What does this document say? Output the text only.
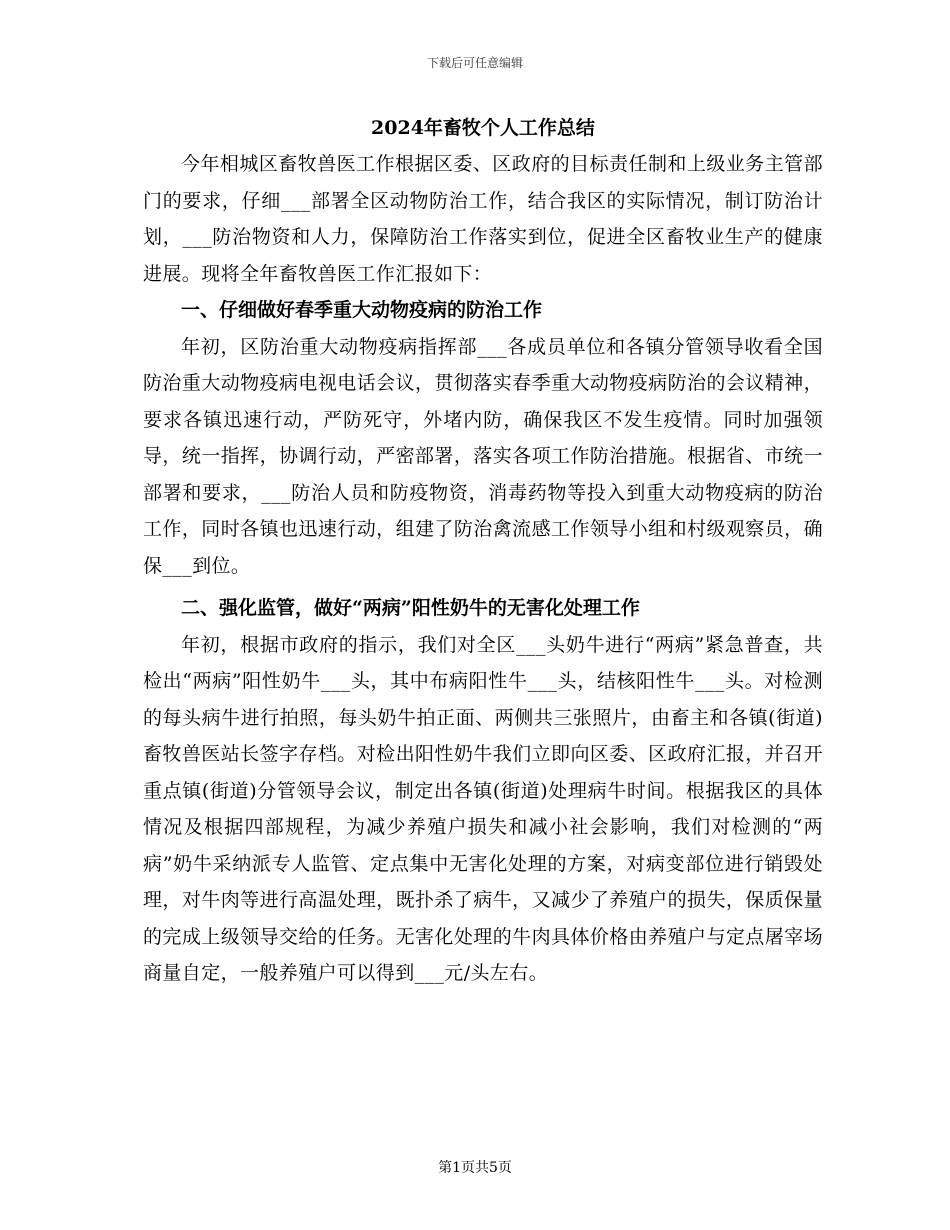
下载后可任意编辑
2024年畜牧个人工作总结

今年相城区畜牧兽医工作根据区委、区政府的目标责任制和上级业务主管部门的要求，仔细___部署全区动物防治工作，结合我区的实际情况，制订防治计划，___防治物资和人力，保障防治工作落实到位，促进全区畜牧业生产的健康进展。现将全年畜牧兽医工作汇报如下：

一、仔细做好春季重大动物疫病的防治工作

年初，区防治重大动物疫病指挥部___各成员单位和各镇分管领导收看全国防治重大动物疫病电视电话会议，贯彻落实春季重大动物疫病防治的会议精神，要求各镇迅速行动，严防死守，外堵内防，确保我区不发生疫情。同时加强领导，统一指挥，协调行动，严密部署，落实各项工作防治措施。根据省、市统一部署和要求，___防治人员和防疫物资，消毒药物等投入到重大动物疫病的防治工作，同时各镇也迅速行动，组建了防治禽流感工作领导小组和村级观察员，确保___到位。

二、强化监管，做好“两病”阳性奶牛的无害化处理工作

年初，根据市政府的指示，我们对全区___头奶牛进行“两病”紧急普查，共检出“两病”阳性奶牛___头，其中布病阳性牛___头，结核阳性牛___头。对检测的每头病牛进行拍照，每头奶牛拍正面、两侧共三张照片，由畜主和各镇(街道)畜牧兽医站长签字存档。对检出阳性奶牛我们立即向区委、区政府汇报，并召开重点镇(街道)分管领导会议，制定出各镇(街道)处理病牛时间。根据我区的具体情况及根据四部规程，为减少养殖户损失和减小社会影响，我们对检测的“两病”奶牛采纳派专人监管、定点集中无害化处理的方案，对病变部位进行销毁处理，对牛肉等进行高温处理，既扑杀了病牛，又减少了养殖户的损失，保质保量的完成上级领导交给的任务。无害化处理的牛肉具体价格由养殖户与定点屠宰场商量自定，一般养殖户可以得到___元/头左右。

第1页共5页
